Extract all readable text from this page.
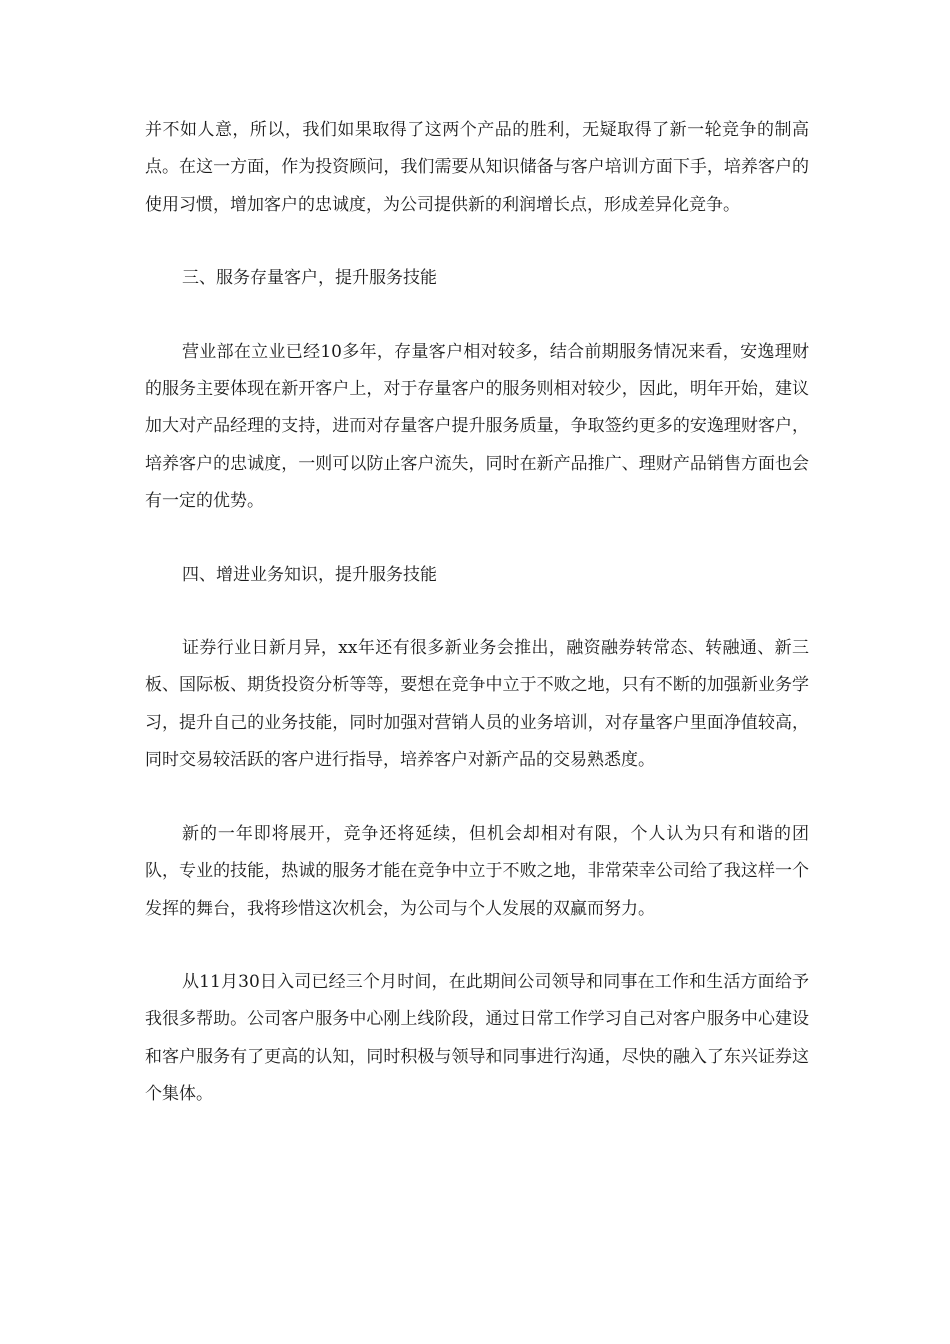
并不如人意，所以，我们如果取得了这两个产品的胜利，无疑取得了新一轮竞争的制高点。在这一方面，作为投资顾问，我们需要从知识储备与客户培训方面下手，培养客户的使用习惯，增加客户的忠诚度，为公司提供新的利润增长点，形成差异化竞争。

三、服务存量客户，提升服务技能

营业部在立业已经10多年，存量客户相对较多，结合前期服务情况来看，安逸理财的服务主要体现在新开客户上，对于存量客户的服务则相对较少，因此，明年开始，建议加大对产品经理的支持，进而对存量客户提升服务质量，争取签约更多的安逸理财客户，培养客户的忠诚度，一则可以防止客户流失，同时在新产品推广、理财产品销售方面也会有一定的优势。

四、增进业务知识，提升服务技能

证券行业日新月异，xx年还有很多新业务会推出，融资融券转常态、转融通、新三板、国际板、期货投资分析等等，要想在竞争中立于不败之地，只有不断的加强新业务学习，提升自己的业务技能，同时加强对营销人员的业务培训，对存量客户里面净值较高，同时交易较活跃的客户进行指导，培养客户对新产品的交易熟悉度。

新的一年即将展开，竞争还将延续，但机会却相对有限，个人认为只有和谐的团队，专业的技能，热诚的服务才能在竞争中立于不败之地，非常荣幸公司给了我这样一个发挥的舞台，我将珍惜这次机会，为公司与个人发展的双赢而努力。

从11月30日入司已经三个月时间，在此期间公司领导和同事在工作和生活方面给予我很多帮助。公司客户服务中心刚上线阶段，通过日常工作学习自己对客户服务中心建设和客户服务有了更高的认知，同时积极与领导和同事进行沟通，尽快的融入了东兴证券这个集体。
